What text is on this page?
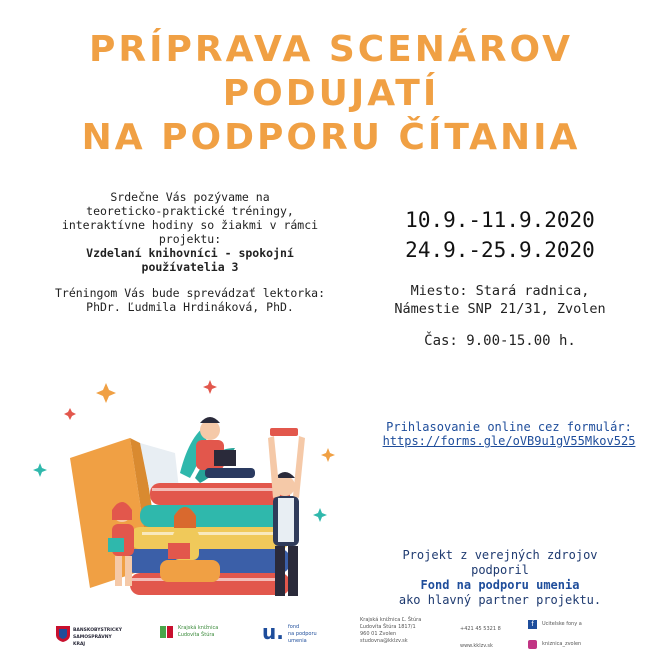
PRÍPRAVA SCENÁROV
PODUJATÍ
NA PODPORU ČÍTANIA
Srdečne Vás pozývame na
teoreticko-praktické tréningy,
interaktívne hodiny so žiakmi v rámci
projektu:
Vzdelaní knihovníci - spokojní
používatelia 3
Tréningom Vás bude sprevádzať lektorka:
PhDr. Ľudmila Hrdináková, PhD.
10.9.-11.9.2020
24.9.-25.9.2020
Miesto: Stará radnica,
Námestie SNP 21/31, Zvolen
Čas: 9.00-15.00 h.
Prihlasovanie online cez formulár:
https://forms.gle/oVB9u1gV55Mkov525
Projekt z verejných zdrojov podporil
Fond na podporu umenia
ako hlavný partner projektu.
BANSKOBYSTRICKÝ SAMOSPRÁVNY KRAJ
Krajská knižnica
Ľudovíta Štúra	u. fond
na podporu
umenia
Krajská knižnica Ľ. Štúra
Ľudovíta Štúra 1817/1
960 01 Zvolen
studovna@kklzv.sk
+421 45 5321 8
www.kklzv.sk
f	Ucitelske fony a
kniznica_zvolen
